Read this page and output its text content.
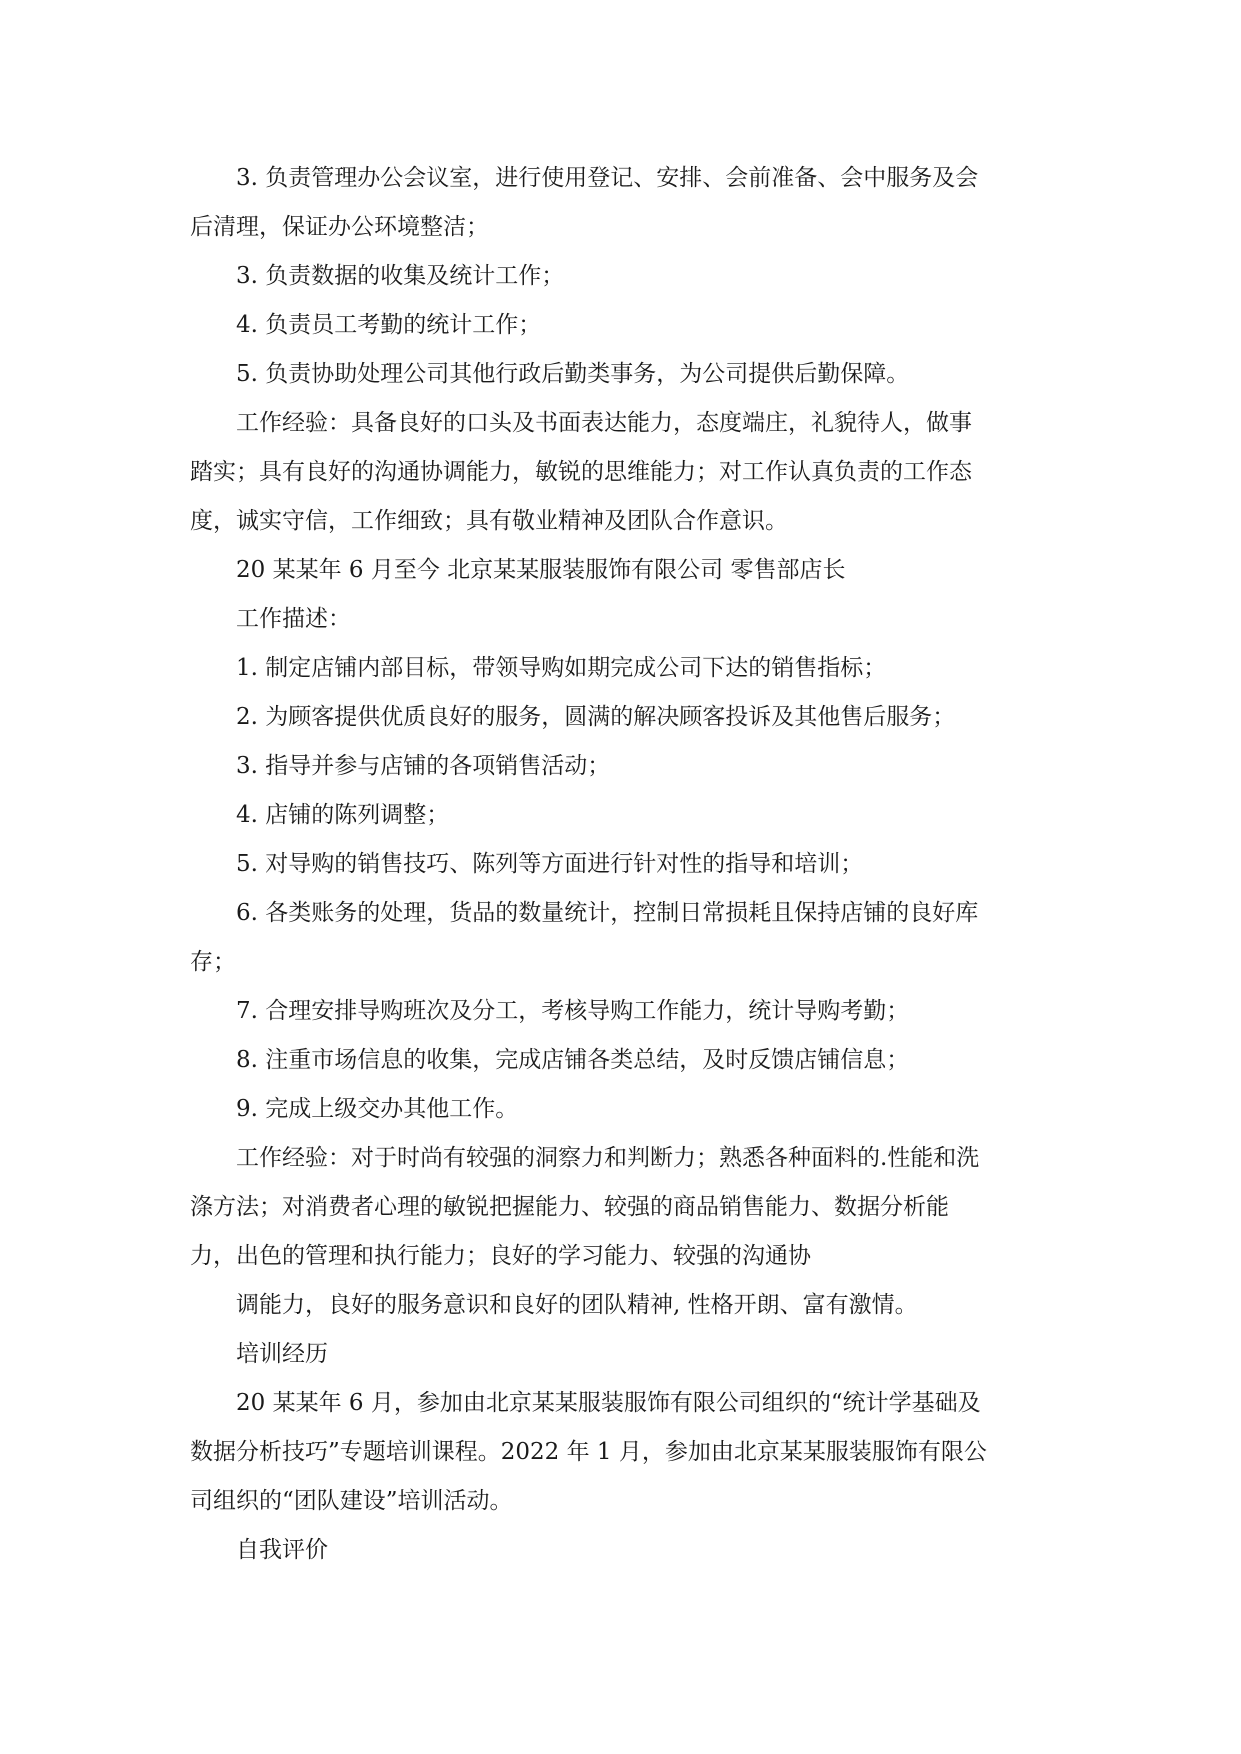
3. 负责管理办公会议室，进行使用登记、安排、会前准备、会中服务及会
后清理，保证办公环境整洁；
3. 负责数据的收集及统计工作；
4. 负责员工考勤的统计工作；
5. 负责协助处理公司其他行政后勤类事务，为公司提供后勤保障。
工作经验：具备良好的口头及书面表达能力，态度端庄，礼貌待人，做事
踏实；具有良好的沟通协调能力，敏锐的思维能力；对工作认真负责的工作态
度，诚实守信，工作细致；具有敬业精神及团队合作意识。
20 某某年 6 月至今 北京某某服装服饰有限公司 零售部店长
工作描述：
1. 制定店铺内部目标，带领导购如期完成公司下达的销售指标；
2. 为顾客提供优质良好的服务，圆满的解决顾客投诉及其他售后服务；
3. 指导并参与店铺的各项销售活动；
4. 店铺的陈列调整；
5. 对导购的销售技巧、陈列等方面进行针对性的指导和培训；
6. 各类账务的处理，货品的数量统计，控制日常损耗且保持店铺的良好库
存；
7. 合理安排导购班次及分工，考核导购工作能力，统计导购考勤；
8. 注重市场信息的收集，完成店铺各类总结，及时反馈店铺信息；
9. 完成上级交办其他工作。
工作经验：对于时尚有较强的洞察力和判断力；熟悉各种面料的.性能和洗
涤方法；对消费者心理的敏锐把握能力、较强的商品销售能力、数据分析能
力，出色的管理和执行能力；良好的学习能力、较强的沟通协
调能力，良好的服务意识和良好的团队精神, 性格开朗、富有激情。
培训经历
20 某某年 6 月，参加由北京某某服装服饰有限公司组织的“统计学基础及
数据分析技巧”专题培训课程。2022 年 1 月，参加由北京某某服装服饰有限公
司组织的“团队建设”培训活动。
自我评价
